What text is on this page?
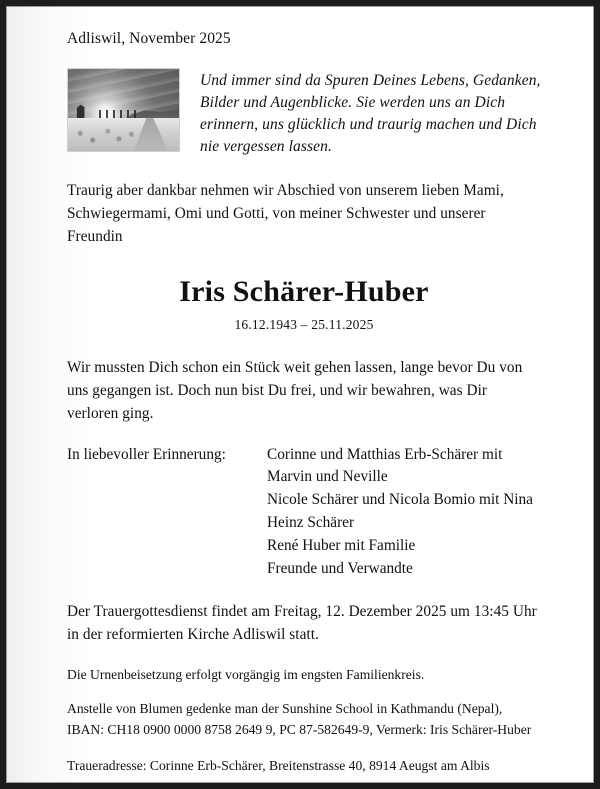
Adliswil, November 2025
Und immer sind da Spuren Deines Lebens, Gedanken, Bilder und Augenblicke. Sie werden uns an Dich erinnern, uns glücklich und traurig machen und Dich nie vergessen lassen.

Traurig aber dankbar nehmen wir Abschied von unserem lieben Mami, Schwiegermami, Omi und Gotti, von meiner Schwester und unserer Freundin

Iris Schärer-Huber
16.12.1943 – 25.11.2025

Wir mussten Dich schon ein Stück weit gehen lassen, lange bevor Du von uns gegangen ist. Doch nun bist Du frei, und wir bewahren, was Dir verloren ging.

In liebevoller Erinnerung:	Corinne und Matthias Erb-Schärer mit
Marvin und Neville
Nicole Schärer und Nicola Bomio mit Nina
Heinz Schärer
René Huber mit Familie
Freunde und Verwandte

Der Trauergottesdienst findet am Freitag, 12. Dezember 2025 um 13:45 Uhr in der reformierten Kirche Adliswil statt.

Die Urnenbeisetzung erfolgt vorgängig im engsten Familienkreis.

Anstelle von Blumen gedenke man der Sunshine School in Kathmandu (Nepal),

IBAN: CH18 0900 0000 8758 2649 9, PC 87-582649-9, Vermerk: Iris Schärer-Huber

Traueradresse: Corinne Erb-Schärer, Breitenstrasse 40, 8914 Aeugst am Albis
